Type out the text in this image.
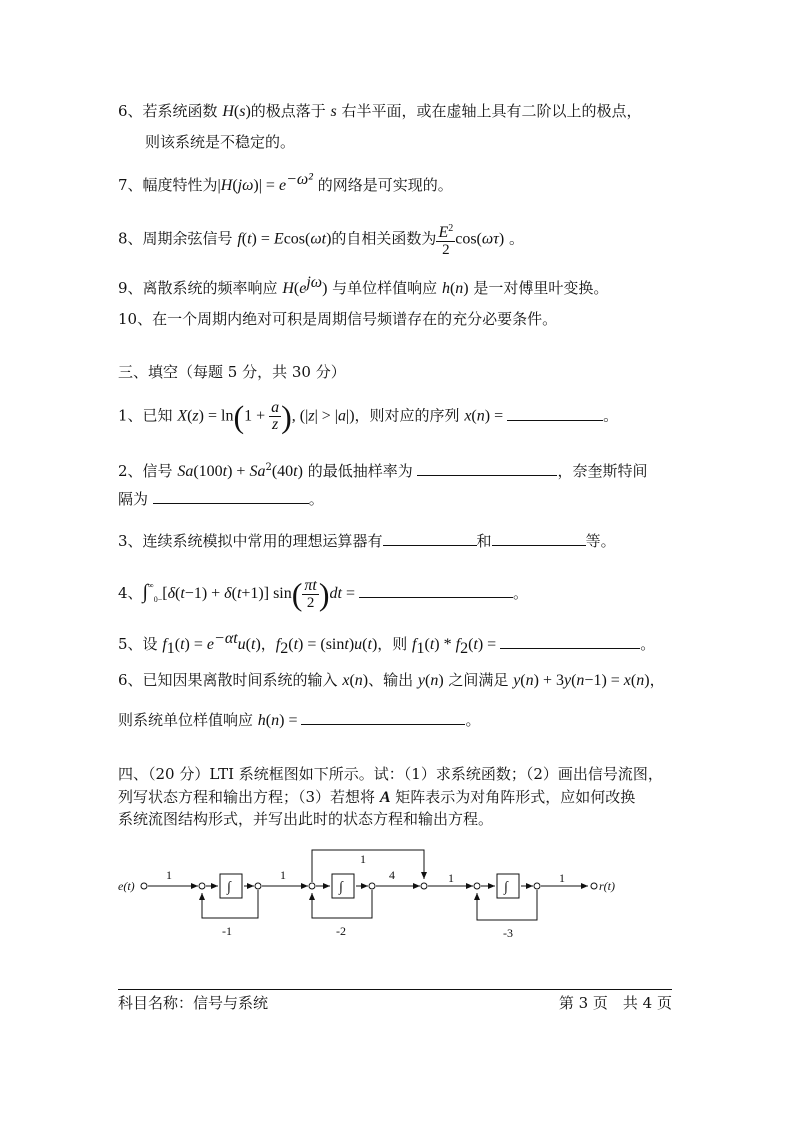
6、若系统函数 H(s)的极点落于 s 右半平面，或在虚轴上具有二阶以上的极点，
则该系统是不稳定的。
7、幅度特性为$|H(j\omega)| = e^{-\omega^2}$ 的网络是可实现的。
8、周期余弦信号 f(t) = Ecos(ωt)的自相关函数为 $\frac{E^2}{2} \cos(\omega\tau)$ 。
9、离散系统的频率响应 $H(e^{j\omega})$ 与单位样值响应 h(n) 是一对傅里叶变换。
10、在一个周期内绝对可积是周期信号频谱存在的充分必要条件。
三、填空（每题 5 分，共 30 分）
1、已知 $X(z) = \ln(1 + \frac{a}{z}$ ), (|z| > |a|)，则对应的序列 x(n) =	。
2、信号 $Sa(100t) + Sa^2(40t)$ 的最低抽样率为	，奈奎斯特间
隔为	。
3、连续系统模拟中常用的理想运算器有	和	等。
4、$\int^\infty_{0-}[\delta(t-1) + \delta(t+1)]$ $\sin( \frac{\pi t}{2} )dt$ =	。
5、设 $f_1(t) = e^{-\alpha t}u(t)$，$f_2(t) = (\sin t)u(t)$，则 $f_1(t) * f_2(t)$ =	。
6、已知因果离散时间系统的输入 x(n)、输出 y(n) 之间满足 y(n) + 3y(n−1) = x(n)，
则系统单位样值响应 h(n) =	。
四、（20 分）LTI 系统框图如下所示。试：（1）求系统函数；（2）画出信号流图，
列写状态方程和输出方程；（3）若想将 A 矩阵表示为对角阵形式，应如何改换
系统流图结构形式，并写出此时的状态方程和输出方程。
e(t)	r(t)
∫	∫	∫
1	1
1
4	1	1
-1	-2	-3
科目名称：信号与系统	第 3 页　共 4 页
